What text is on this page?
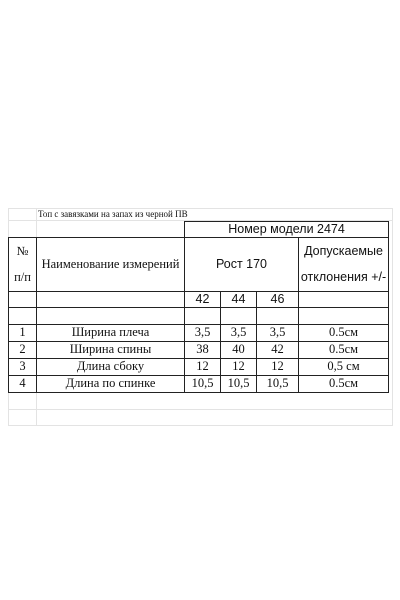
Топ с завязками на запах из черной ПВ
		Номер модели 2474			
№	Наименование измерений	Рост 170			Допускаемые
п/п					отклонения +/-
		42	44	46	

1	Ширина плеча	3,5	3,5	3,5	0.5см
2	Ширина спины	38	40	42	0.5см
3	Длина сбоку	12	12	12	0,5 см
4	Длина по спинке	10,5	10,5	10,5	0.5см
